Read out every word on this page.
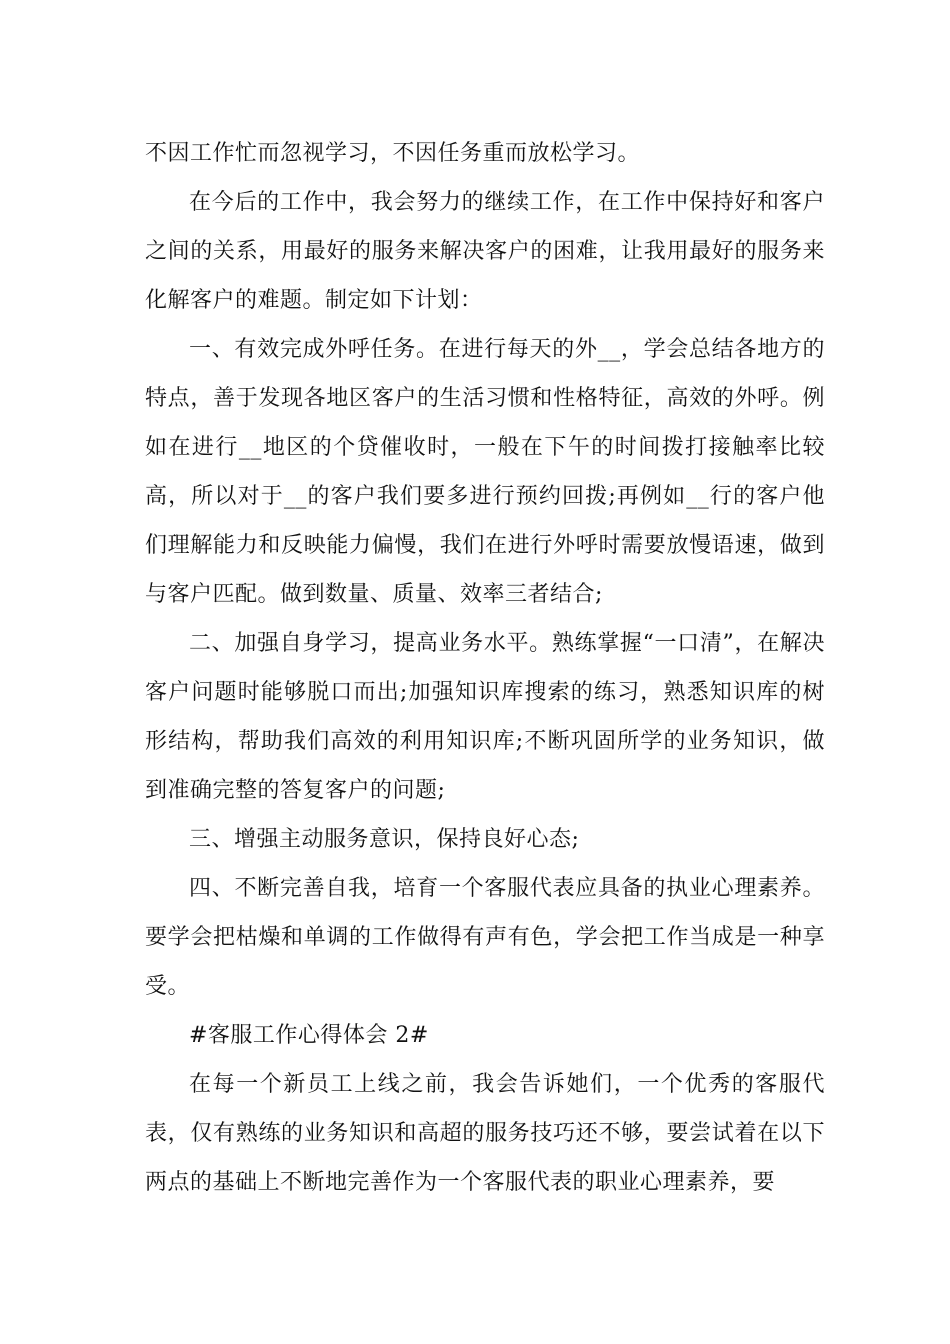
不因工作忙而忽视学习，不因任务重而放松学习。

在今后的工作中，我会努力的继续工作，在工作中保持好和客户之间的关系，用最好的服务来解决客户的困难，让我用最好的服务来化解客户的难题。制定如下计划：

一、有效完成外呼任务。在进行每天的外__，学会总结各地方的特点，善于发现各地区客户的生活习惯和性格特征，高效的外呼。例如在进行__地区的个贷催收时，一般在下午的时间拨打接触率比较高，所以对于__的客户我们要多进行预约回拨;再例如__行的客户他们理解能力和反映能力偏慢，我们在进行外呼时需要放慢语速，做到与客户匹配。做到数量、质量、效率三者结合;

二、加强自身学习，提高业务水平。熟练掌握“一口清”，在解决客户问题时能够脱口而出;加强知识库搜索的练习，熟悉知识库的树形结构，帮助我们高效的利用知识库;不断巩固所学的业务知识，做到准确完整的答复客户的问题;

三、增强主动服务意识，保持良好心态;

四、不断完善自我，培育一个客服代表应具备的执业心理素养。要学会把枯燥和单调的工作做得有声有色，学会把工作当成是一种享受。

#客服工作心得体会 2#

在每一个新员工上线之前，我会告诉她们，一个优秀的客服代表，仅有熟练的业务知识和高超的服务技巧还不够，要尝试着在以下两点的基础上不断地完善作为一个客服代表的职业心理素养，要
